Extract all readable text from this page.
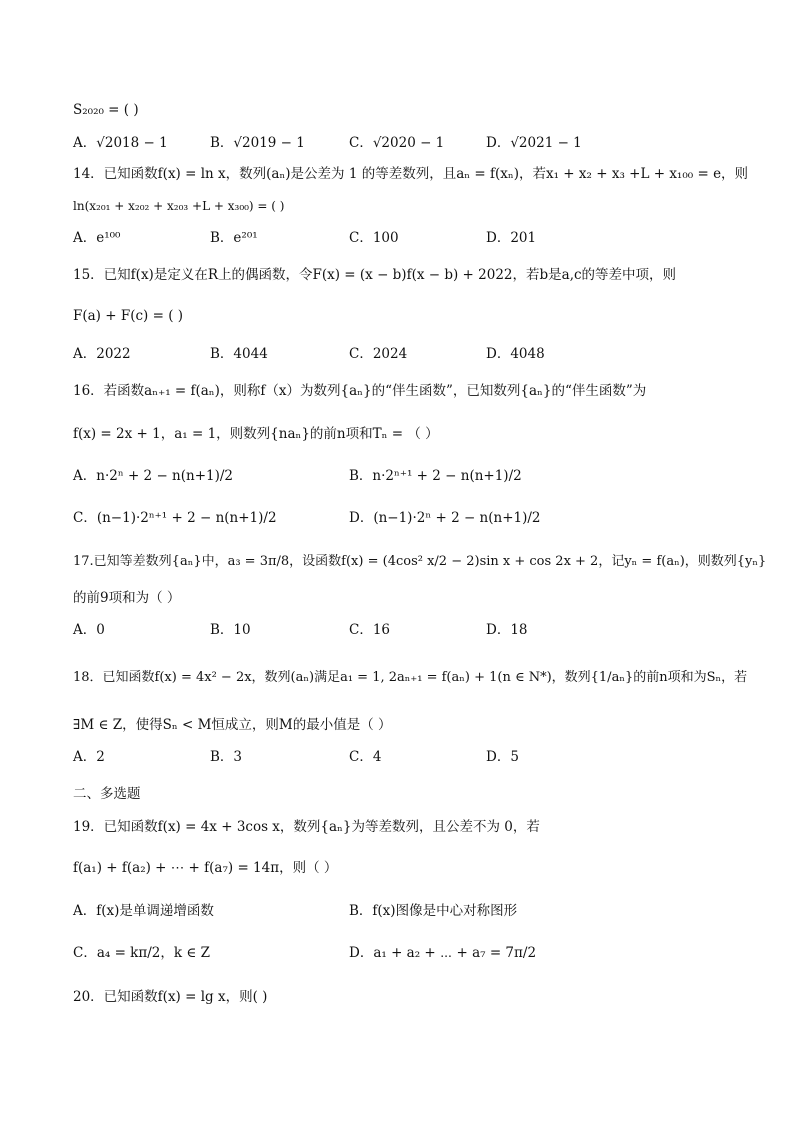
S₂₀₂₀ = ( )
A．√2018 − 1	B．√2019 − 1	C．√2020 − 1	D．√2021 − 1
14．已知函数f(x) = ln x，数列(aₙ)是公差为 1 的等差数列，且aₙ = f(xₙ)，若x₁ + x₂ + x₃ +L + x₁₀₀ = e，则
ln(x₂₀₁ + x₂₀₂ + x₂₀₃ +L + x₃₀₀) = ( )
A．e¹⁰⁰	B．e²⁰¹	C．100	D．201
15．已知f(x)是定义在R上的偶函数，令F(x) = (x − b)f(x − b) + 2022，若b是a,c的等差中项，则
F(a) + F(c) = ( )
A．2022	B．4044	C．2024	D．4048
16．若函数aₙ₊₁ = f(aₙ)，则称f（x）为数列{aₙ}的“伴生函数”，已知数列{aₙ}的“伴生函数”为
f(x) = 2x + 1，a₁ = 1，则数列{naₙ}的前n项和Tₙ = （ ）
A．n·2ⁿ + 2 − n(n+1)/2	B．n·2ⁿ⁺¹ + 2 − n(n+1)/2
C．(n−1)·2ⁿ⁺¹ + 2 − n(n+1)/2	D．(n−1)·2ⁿ + 2 − n(n+1)/2
17.已知等差数列{aₙ}中，a₃ = 3π/8，设函数f(x) = (4cos² x/2 − 2)sin x + cos 2x + 2，记yₙ = f(aₙ)，则数列{yₙ}
的前9项和为（ ）
A．0	B．10	C．16	D．18
18．已知函数f(x) = 4x² − 2x，数列(aₙ)满足a₁ = 1, 2aₙ₊₁ = f(aₙ) + 1(n ∈ N*)，数列{1/aₙ}的前n项和为Sₙ，若
∃M ∈ Z，使得Sₙ < M恒成立，则M的最小值是（ ）
A．2	B．3	C．4	D．5
二、多选题
19．已知函数f(x) = 4x + 3cos x，数列{aₙ}为等差数列，且公差不为 0，若
f(a₁) + f(a₂) + ⋯ + f(a₇) = 14π，则（ ）
A．f(x)是单调递增函数	B．f(x)图像是中心对称图形
C．a₄ = kπ/2，k ∈ Z	D．a₁ + a₂ + ⋯ + a₇ = 7π/2
20．已知函数f(x) = lg x，则( )
